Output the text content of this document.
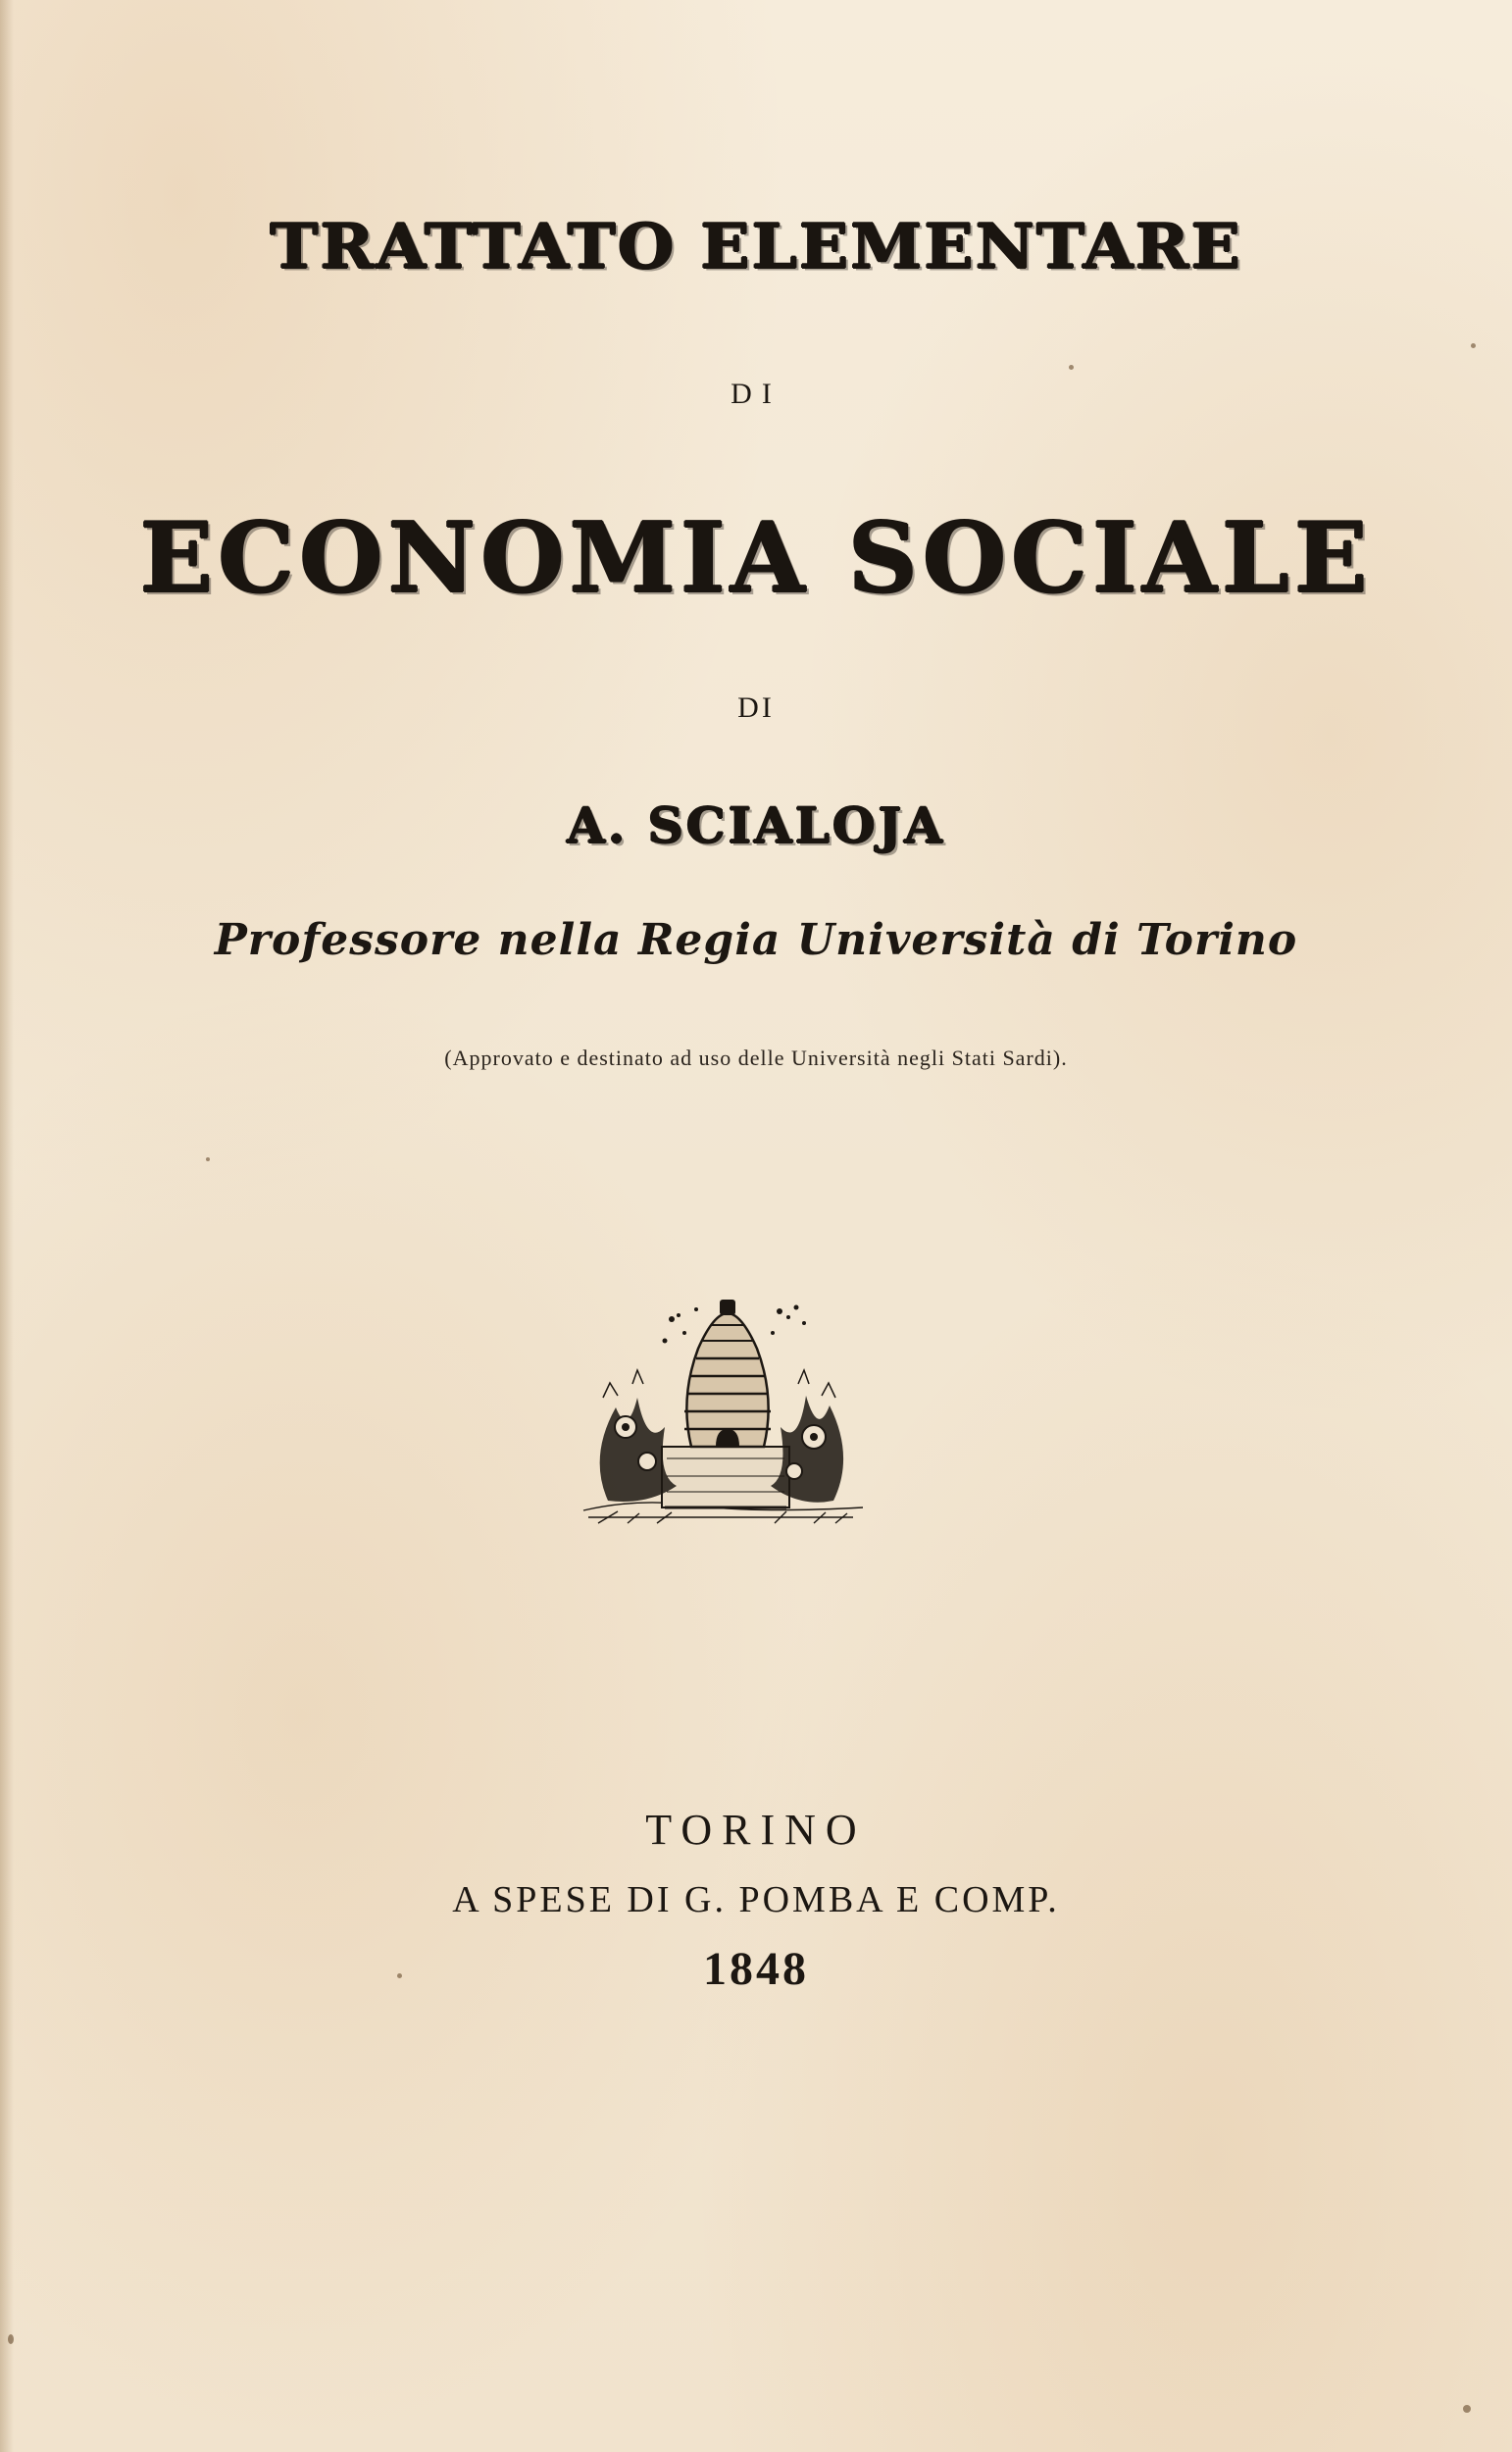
TRATTATO ELEMENTARE
DI
ECONOMIA SOCIALE
DI
A. SCIALOJA
Professore nella Regia Università di Torino
(Approvato e destinato ad uso delle Università negli Stati Sardi).
TORINO
A SPESE DI G. POMBA E COMP.
1848
